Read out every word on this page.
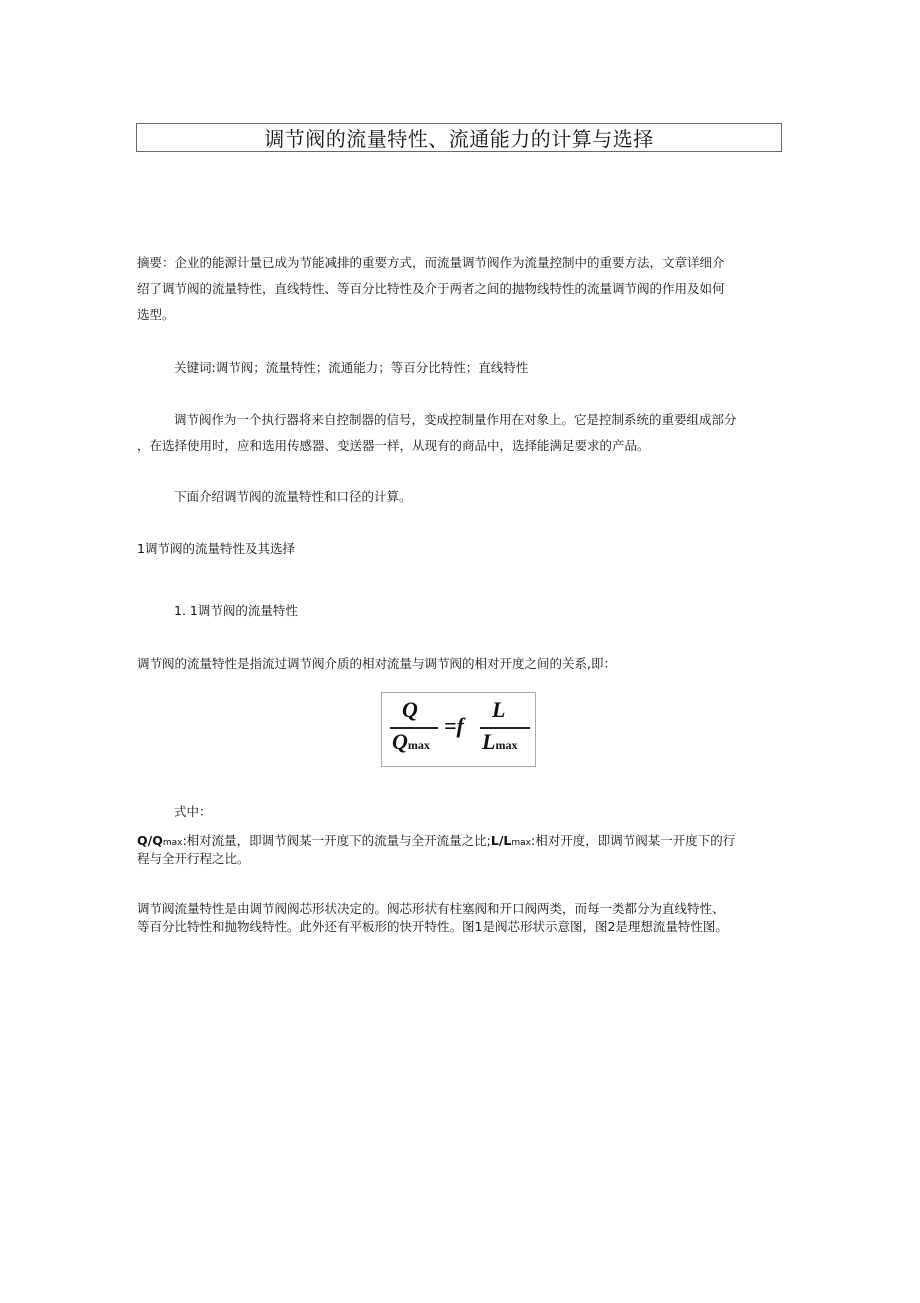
调节阀的流量特性、流通能力的计算与选择

摘要：企业的能源计量已成为节能减排的重要方式，而流量调节阀作为流量控制中的重要方法，文章详细介

绍了调节阀的流量特性，直线特性、等百分比特性及介于两者之间的抛物线特性的流量调节阀的作用及如何

选型。

关键词:调节阀；流量特性；流通能力；等百分比特性；直线特性

调节阀作为一个执行器将来自控制器的信号，变成控制量作用在对象上。它是控制系统的重要组成部分

，在选择使用时，应和选用传感器、变送器一样，从现有的商品中，选择能满足要求的产品。

下面介绍调节阀的流量特性和口径的计算。

1调节阀的流量特性及其选择

1. 1调节阀的流量特性

调节阀的流量特性是指流过调节阀介质的相对流量与调节阀的相对开度之间的关系,即：

Q
Qmax
=f
L
Lmax

式中：

Q/Qmax:相对流量，即调节阀某一开度下的流量与全开流量之比;L/Lmax:相对开度，即调节阀某一开度下的行

程与全开行程之比。

调节阀流量特性是由调节阀阀芯形状决定的。阀芯形状有柱塞阀和开口阀两类，而每一类都分为直线特性、

等百分比特性和抛物线特性。此外还有平板形的快开特性。图1是阀芯形状示意图，图2是理想流量特性图。
